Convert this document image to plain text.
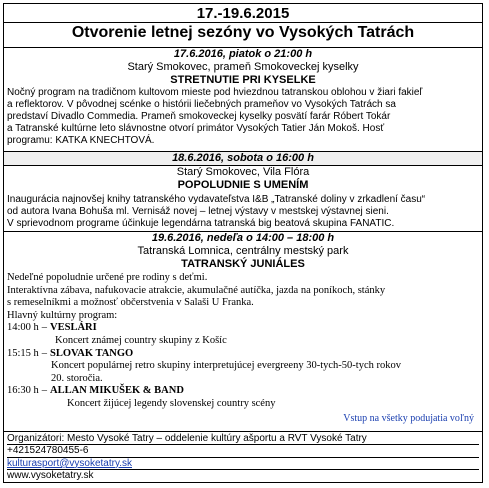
17.-19.6.2015
Otvorenie letnej sezóny vo Vysokých Tatrách
17.6.2016, piatok o 21:00 h
Starý Smokovec, prameň Smokoveckej kyselky
STRETNUTIE PRI KYSELKE
Nočný program na tradičnom kultovom mieste pod hviezdnou tatranskou oblohou v žiari fakieľ
a reflektorov. V pôvodnej scénke o histórii liečebných prameňov vo Vysokých Tatrách sa
predstaví Divadlo Commedia. Prameň smokoveckej kyselky posvätí farár Róbert Tokár
a Tatranské kultúrne leto slávnostne otvorí primátor Vysokých Tatier Ján Mokoš. Hosť
programu: KATKA KNECHTOVÁ.
18.6.2016, sobota o 16:00 h
Starý Smokovec, Vila Flóra
POPOLUDNIE S UMENÍM
Inaugurácia najnovšej knihy tatranského vydavateľstva I&B „Tatranské doliny v zrkadlení času“
od autora Ivana Bohuša ml. Vernisáž novej – letnej výstavy v mestskej výstavnej sieni.
V sprievodnom programe účinkuje legendárna tatranská big beatová skupina FANATIC.
19.6.2016, nedeľa o 14:00 – 18:00 h
Tatranská Lomnica, centrálny mestský park
TATRANSKÝ JUNIÁLES
Nedeľné popoludnie určené pre rodiny s deťmi.
Interaktívna zábava, nafukovacie atrakcie, akumulačné autíčka, jazda na poníkoch, stánky
s remeselníkmi a možnosť občerstvenia v Salaši U Franka.
Hlavný kultúrny program:
14:00 h – VESLÁRI
Koncert známej country skupiny z Košíc
15:15 h – SLOVAK TANGO
Koncert populárnej retro skupiny interpretujúcej evergreeny 30-tych-50-tych rokov
20. storočia.
16:30 h – ALLAN MIKUŠEK & BAND
Koncert žijúcej legendy slovenskej country scény
Vstup na všetky podujatia voľný
Organizátori: Mesto Vysoké Tatry – oddelenie kultúry ašportu a RVT Vysoké Tatry
+421524780455-6
kulturasport@vysoketatry.sk
www.vysoketatry.sk
